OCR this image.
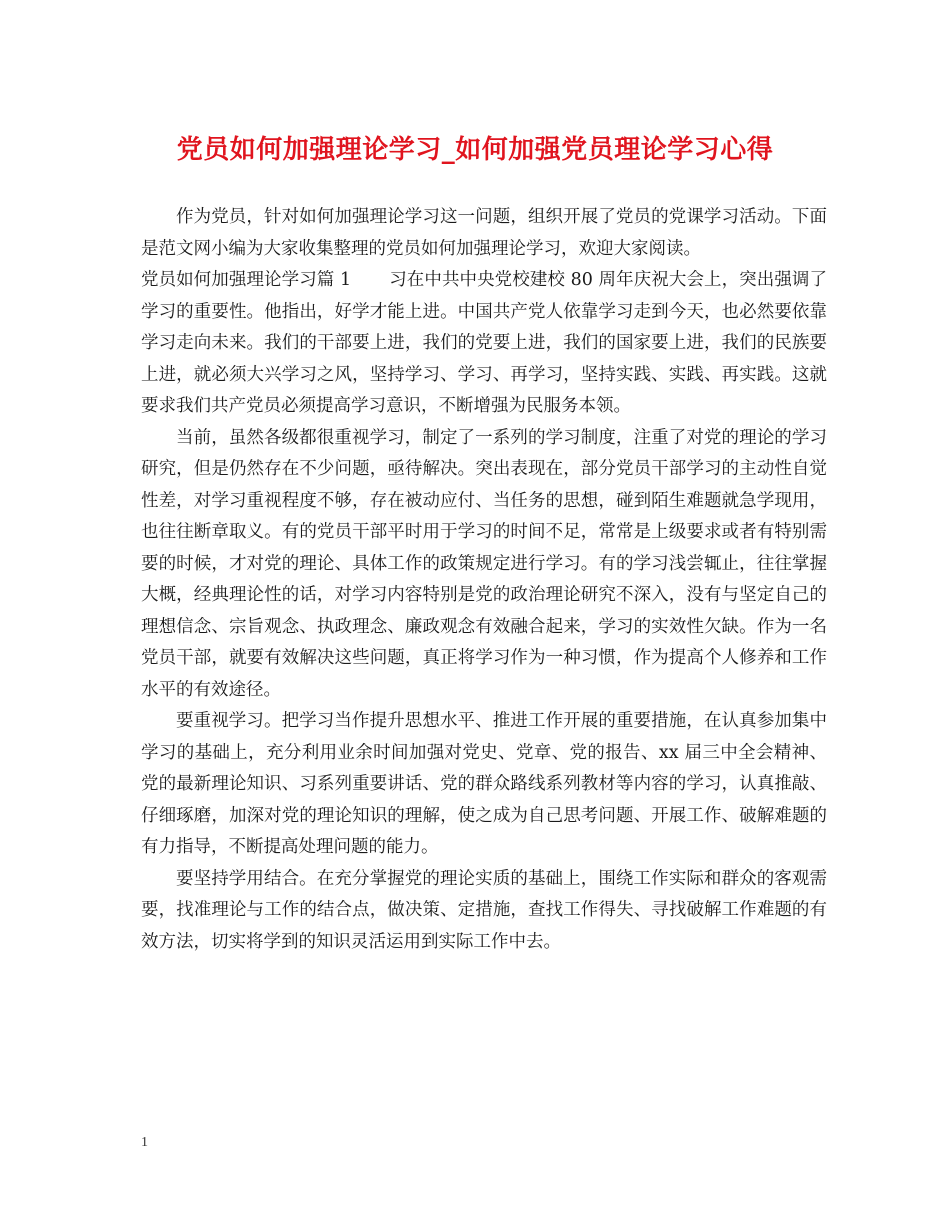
党员如何加强理论学习_如何加强党员理论学习心得

作为党员，针对如何加强理论学习这一问题，组织开展了党员的党课学习活动。下面是范文网小编为大家收集整理的党员如何加强理论学习，欢迎大家阅读。

党员如何加强理论学习篇 1 习在中共中央党校建校 80 周年庆祝大会上，突出强调了学习的重要性。他指出，好学才能上进。中国共产党人依靠学习走到今天，也必然要依靠学习走向未来。我们的干部要上进，我们的党要上进，我们的国家要上进，我们的民族要上进，就必须大兴学习之风，坚持学习、学习、再学习，坚持实践、实践、再实践。这就要求我们共产党员必须提高学习意识，不断增强为民服务本领。

当前，虽然各级都很重视学习，制定了一系列的学习制度，注重了对党的理论的学习研究，但是仍然存在不少问题，亟待解决。突出表现在，部分党员干部学习的主动性自觉性差，对学习重视程度不够，存在被动应付、当任务的思想，碰到陌生难题就急学现用，也往往断章取义。有的党员干部平时用于学习的时间不足，常常是上级要求或者有特别需要的时候，才对党的理论、具体工作的政策规定进行学习。有的学习浅尝辄止，往往掌握大概，经典理论性的话，对学习内容特别是党的政治理论研究不深入，没有与坚定自己的理想信念、宗旨观念、执政理念、廉政观念有效融合起来，学习的实效性欠缺。作为一名党员干部，就要有效解决这些问题，真正将学习作为一种习惯，作为提高个人修养和工作水平的有效途径。

要重视学习。把学习当作提升思想水平、推进工作开展的重要措施，在认真参加集中学习的基础上，充分利用业余时间加强对党史、党章、党的报告、xx 届三中全会精神、党的最新理论知识、习系列重要讲话、党的群众路线系列教材等内容的学习，认真推敲、仔细琢磨，加深对党的理论知识的理解，使之成为自己思考问题、开展工作、破解难题的有力指导，不断提高处理问题的能力。

要坚持学用结合。在充分掌握党的理论实质的基础上，围绕工作实际和群众的客观需要，找准理论与工作的结合点，做决策、定措施，查找工作得失、寻找破解工作难题的有效方法，切实将学到的知识灵活运用到实际工作中去。

1
